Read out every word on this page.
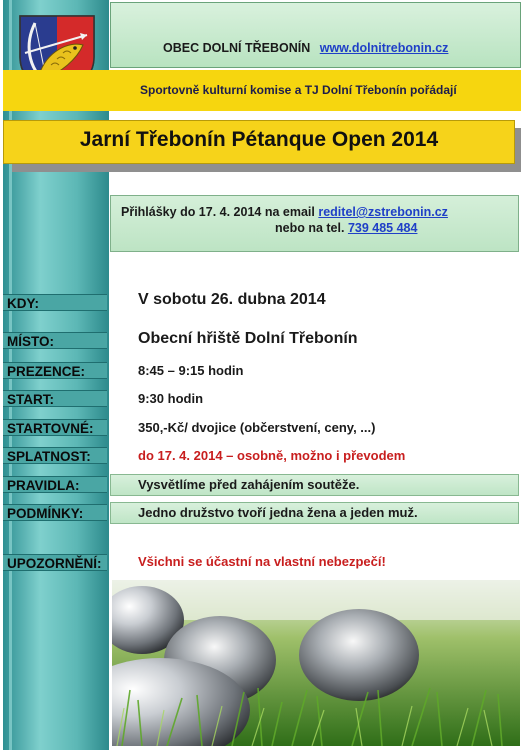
OBEC DOLNÍ TŘEBONÍN www.dolnitrebonin.cz
Sportovně kulturní komise a TJ Dolní Třebonín pořádají
Jarní Třebonín Pétanque Open 2014
Přihlášky do 17. 4. 2014 na email reditel@zstrebonin.cz
nebo na tel. 739 485 484
KDY:	V sobotu 26. dubna 2014
MÍSTO:	Obecní hřiště Dolní Třebonín
PREZENCE:	8:45 – 9:15 hodin
START:	9:30 hodin
STARTOVNÉ:	350,-Kč/ dvojice (občerstvení, ceny, ...)
SPLATNOST:	do 17. 4. 2014 – osobně, možno i převodem
PRAVIDLA:	Vysvětlíme před zahájením soutěže.
PODMÍNKY:	Jedno družstvo tvoří jedna žena a jeden muž.
UPOZORNĚNÍ:	Všichni se účastní na vlastní nebezpečí!
